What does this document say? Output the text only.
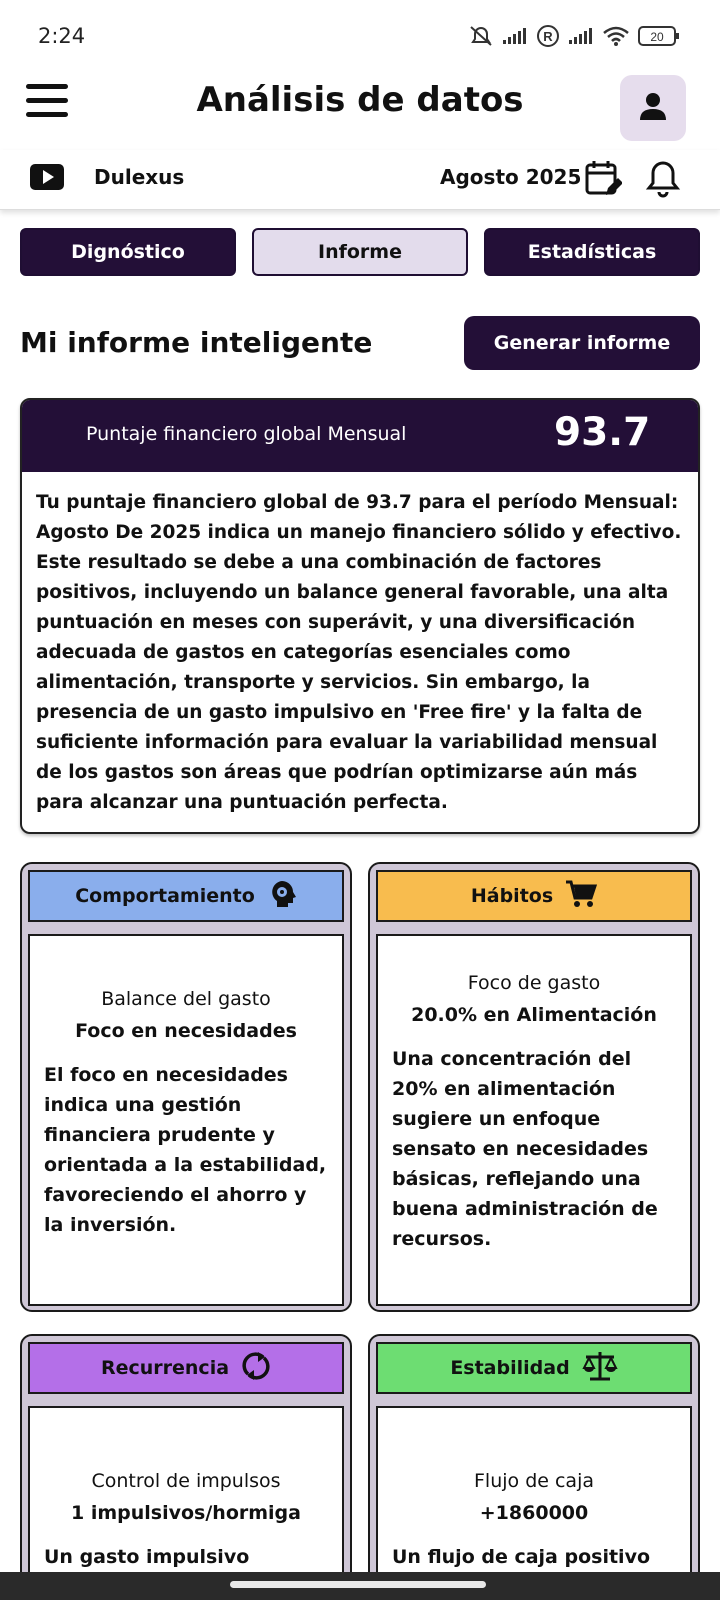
2:24	R	20
Análisis de datos
Dulexus	Agosto 2025
Dignóstico	Informe	Estadísticas
Mi informe inteligente	Generar informe
Puntaje financiero global Mensual	93.7
Tu puntaje financiero global de 93.7 para el período Mensual: Agosto De 2025 indica un manejo financiero sólido y efectivo. Este resultado se debe a una combinación de factores positivos, incluyendo un balance general favorable, una alta puntuación en meses con superávit, y una diversificación adecuada de gastos en categorías esenciales como alimentación, transporte y servicios. Sin embargo, la presencia de un gasto impulsivo en 'Free fire' y la falta de suficiente información para evaluar la variabilidad mensual de los gastos son áreas que podrían optimizarse aún más para alcanzar una puntuación perfecta.
Comportamiento
Balance del gasto
Foco en necesidades
El foco en necesidades indica una gestión financiera prudente y orientada a la estabilidad, favoreciendo el ahorro y la inversión.
Hábitos
Foco de gasto
20.0% en Alimentación
Una concentración del 20% en alimentación sugiere un enfoque sensato en necesidades básicas, reflejando una buena administración de recursos.
Recurrencia
Control de impulsos
1 impulsivos/hormiga
Un gasto impulsivo
Estabilidad
Flujo de caja
+1860000
Un flujo de caja positivo
